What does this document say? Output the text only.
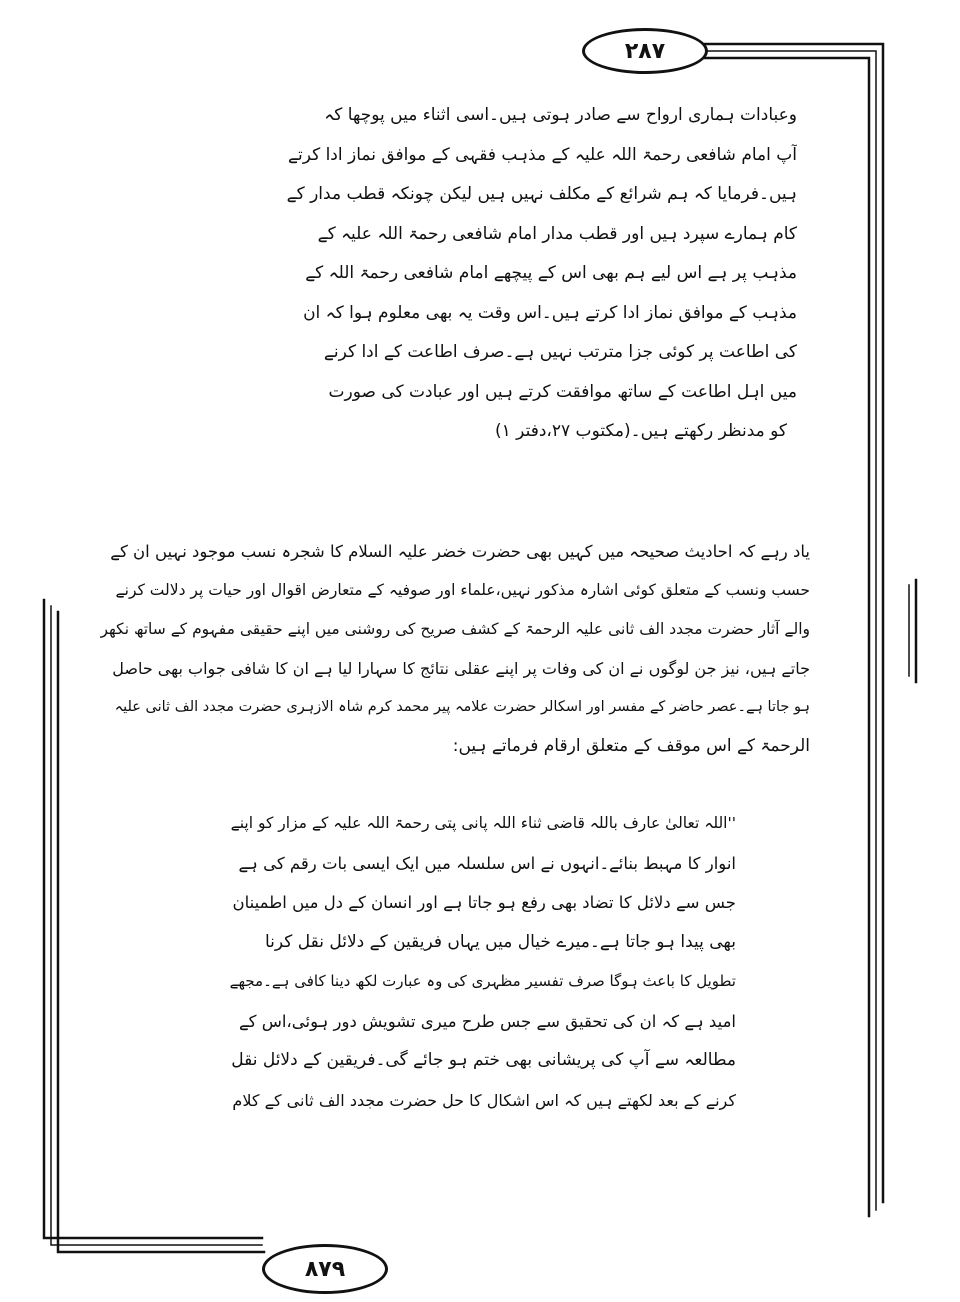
۲۸۷
وعبادات ہماری ارواح سے صادر ہوتی ہیں۔اسی اثناء میں پوچھا کہ
آپ امام شافعی رحمۃ اللہ علیہ کے مذہب فقہی کے موافق نماز ادا کرتے
ہیں۔فرمایا کہ ہم شرائع کے مکلف نہیں ہیں لیکن چونکہ قطب مدار کے
کام ہمارے سپرد ہیں اور قطب مدار امام شافعی رحمۃ اللہ علیہ کے
مذہب پر ہے اس لیے ہم بھی اس کے پیچھے امام شافعی رحمۃ اللہ کے
مذہب کے موافق نماز ادا کرتے ہیں۔اس وقت یہ بھی معلوم ہوا کہ ان
کی اطاعت پر کوئی جزا مترتب نہیں ہے۔صرف اطاعت کے ادا کرنے
میں اہل اطاعت کے ساتھ موافقت کرتے ہیں اور عبادت کی صورت
کو مدنظر رکھتے ہیں۔(مکتوب ۲۷،دفتر ۱)
یاد رہے کہ احادیث صحیحہ میں کہیں بھی حضرت خضر علیہ السلام کا شجرہ نسب موجود نہیں ان کے
حسب ونسب کے متعلق کوئی اشارہ مذکور نہیں،علماء اور صوفیہ کے متعارض اقوال اور حیات پر دلالت کرنے
والے آثار حضرت مجدد الف ثانی علیہ الرحمۃ کے کشف صریح کی روشنی میں اپنے حقیقی مفہوم کے ساتھ نکھر
جاتے ہیں، نیز جن لوگوں نے ان کی وفات پر اپنے عقلی نتائج کا سہارا لیا ہے ان کا شافی جواب بھی حاصل
ہو جاتا ہے۔عصر حاضر کے مفسر اور اسکالر حضرت علامہ پیر محمد کرم شاہ الازہری حضرت مجدد الف ثانی علیہ
الرحمۃ کے اس موقف کے متعلق ارقام فرماتے ہیں:
''اللہ تعالیٰ عارف باللہ قاضی ثناء اللہ پانی پتی رحمۃ اللہ علیہ کے مزار کو اپنے
انوار کا مہبط بنائے۔انہوں نے اس سلسلہ میں ایک ایسی بات رقم کی ہے
جس سے دلائل کا تضاد بھی رفع ہو جاتا ہے اور انسان کے دل میں اطمینان
بھی پیدا ہو جاتا ہے۔میرے خیال میں یہاں فریقین کے دلائل نقل کرنا
تطویل کا باعث ہوگا صرف تفسیر مظہری کی وہ عبارت لکھ دینا کافی ہے۔مجھے
امید ہے کہ ان کی تحقیق سے جس طرح میری تشویش دور ہوئی،اس کے
مطالعہ سے آپ کی پریشانی بھی ختم ہو جائے گی۔فریقین کے دلائل نقل
کرنے کے بعد لکھتے ہیں کہ اس اشکال کا حل حضرت مجدد الف ثانی کے کلام
۸۷۹
